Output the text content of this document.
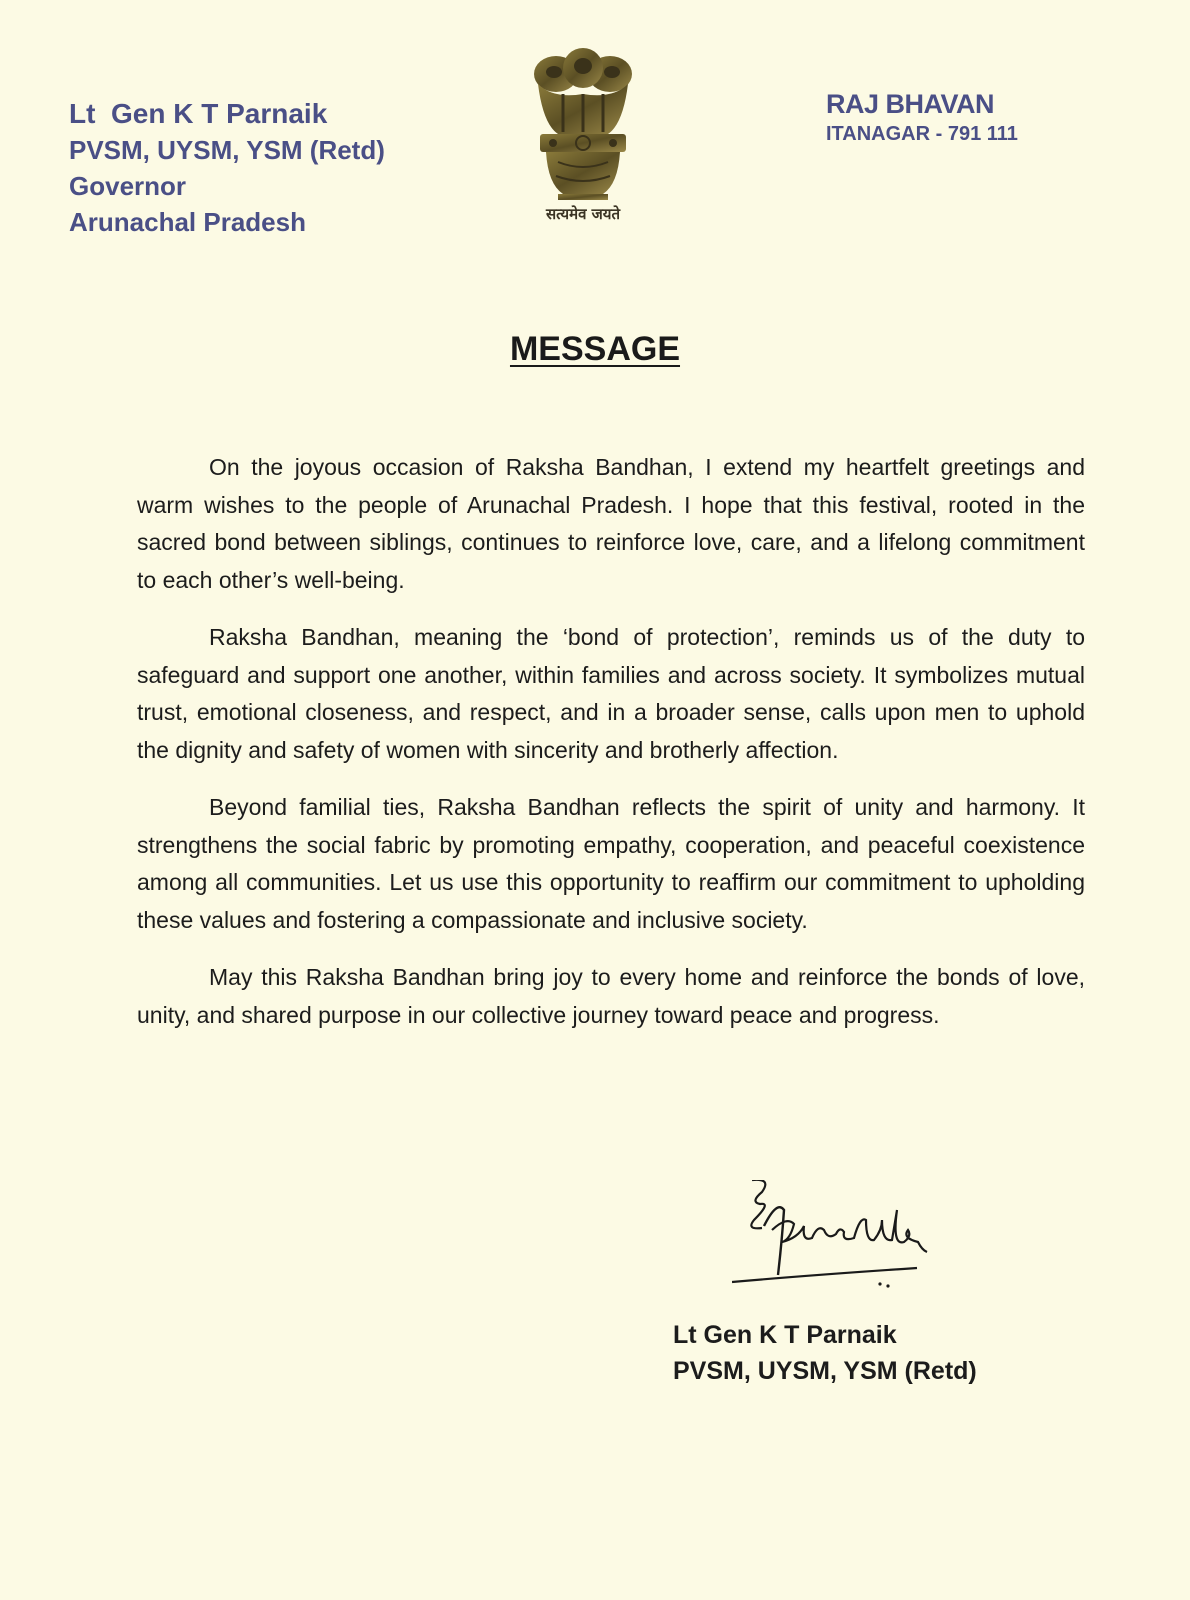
Lt  Gen K T Parnaik
PVSM, UYSM, YSM (Retd)
Governor
Arunachal Pradesh	सत्यमेव जयते
RAJ BHAVAN
ITANAGAR - 791 111
MESSAGE

On the joyous occasion of Raksha Bandhan, I extend my heartfelt greetings and warm wishes to the people of Arunachal Pradesh. I hope that this festival, rooted in the sacred bond between siblings, continues to reinforce love, care, and a lifelong commitment to each other’s well-being.

Raksha Bandhan, meaning the ‘bond of protection’, reminds us of the duty to safeguard and support one another, within families and across society. It symbolizes mutual trust, emotional closeness, and respect, and in a broader sense, calls upon men to uphold the dignity and safety of women with sincerity and brotherly affection.

Beyond familial ties, Raksha Bandhan reflects the spirit of unity and harmony. It strengthens the social fabric by promoting empathy, cooperation, and peaceful coexistence among all communities. Let us use this opportunity to reaffirm our commitment to upholding these values and fostering a compassionate and inclusive society.

May this Raksha Bandhan bring joy to every home and reinforce the bonds of love, unity, and shared purpose in our collective journey toward peace and progress.

Lt Gen K T Parnaik
PVSM, UYSM, YSM (Retd)
